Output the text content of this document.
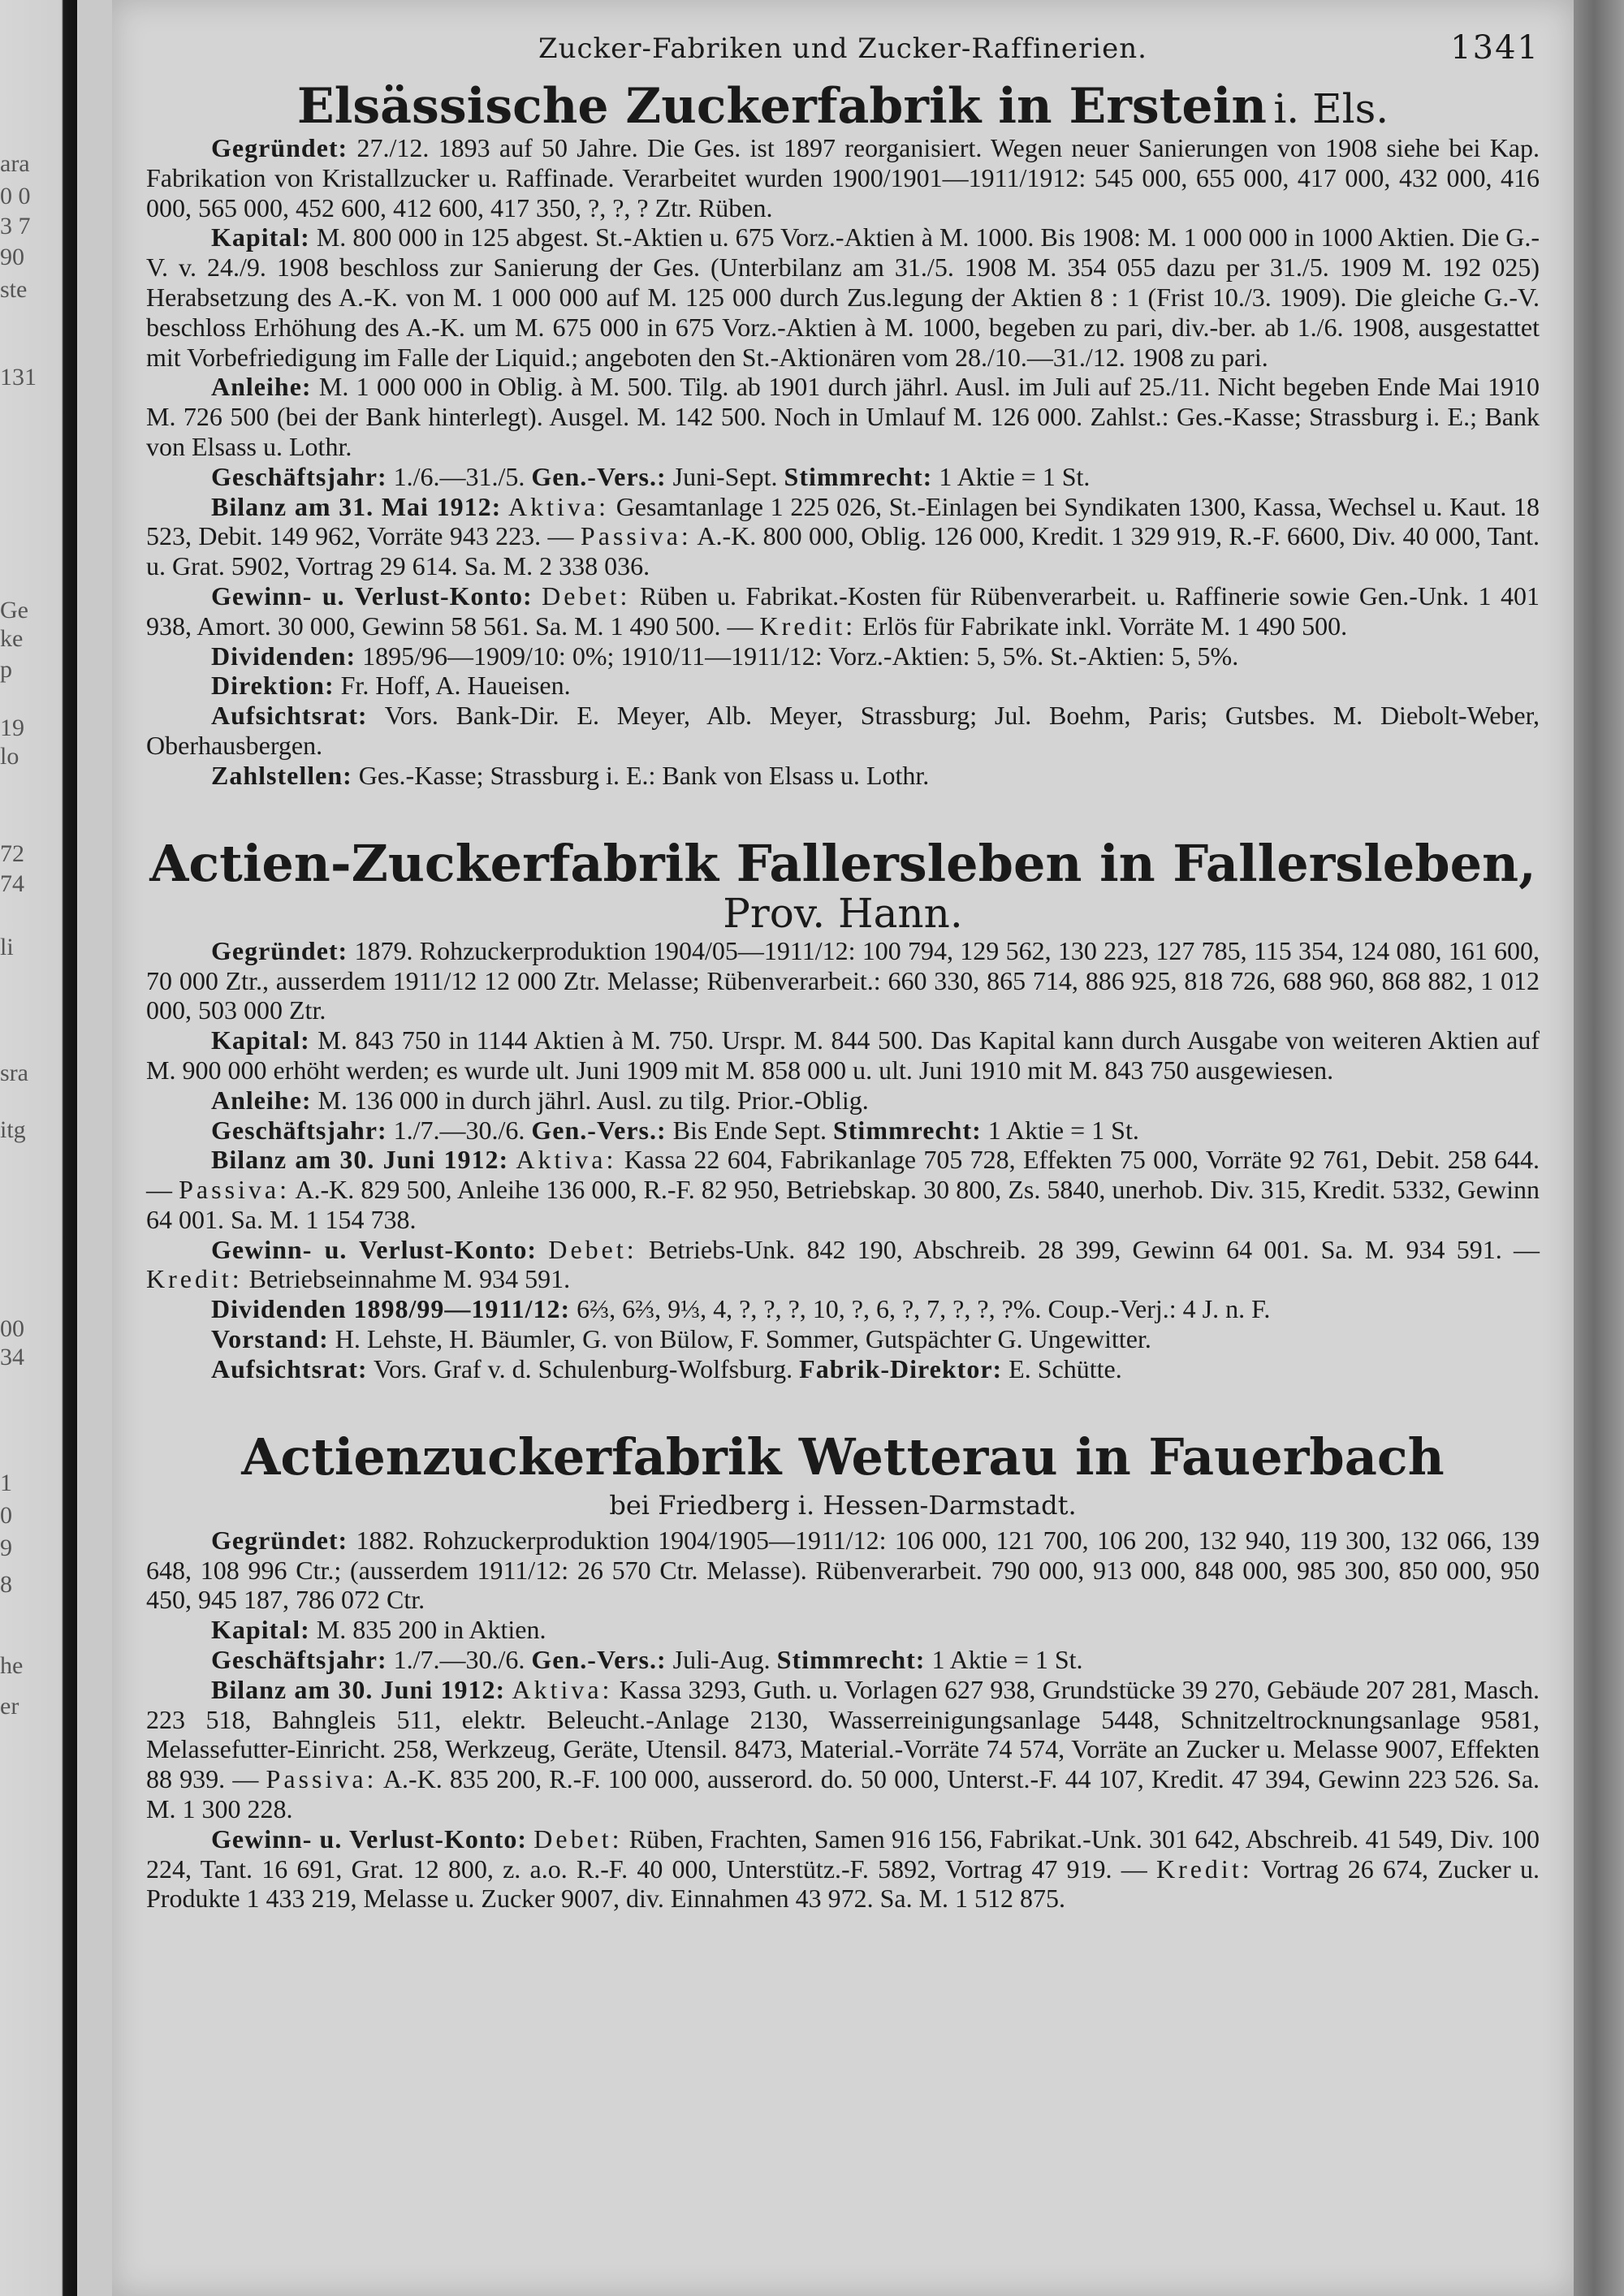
ara
0 0
3 7
90
ste
131
Ge
ke
p
19
lo
72
74
li
sra
itg
00
34
1
0
9
8
he
er
Zucker-Fabriken und Zucker-Raffinerien.	1341
Elsässische Zuckerfabrik in Erstein i. Els.

Gegründet: 27./12. 1893 auf 50 Jahre. Die Ges. ist 1897 reorganisiert. Wegen neuer Sanierungen von 1908 siehe bei Kap. Fabrikation von Kristallzucker u. Raffinade. Verarbeitet wurden 1900/1901—1911/1912: 545 000, 655 000, 417 000, 432 000, 416 000, 565 000, 452 600, 412 600, 417 350, ?, ?, ? Ztr. Rüben.

Kapital: M. 800 000 in 125 abgest. St.-Aktien u. 675 Vorz.-Aktien à M. 1000. Bis 1908: M. 1 000 000 in 1000 Aktien. Die G.-V. v. 24./9. 1908 beschloss zur Sanierung der Ges. (Unterbilanz am 31./5. 1908 M. 354 055 dazu per 31./5. 1909 M. 192 025) Herabsetzung des A.-K. von M. 1 000 000 auf M. 125 000 durch Zus.legung der Aktien 8 : 1 (Frist 10./3. 1909). Die gleiche G.-V. beschloss Erhöhung des A.-K. um M. 675 000 in 675 Vorz.-Aktien à M. 1000, begeben zu pari, div.-ber. ab 1./6. 1908, ausgestattet mit Vorbefriedigung im Falle der Liquid.; angeboten den St.-Aktionären vom 28./10.—31./12. 1908 zu pari.

Anleihe: M. 1 000 000 in Oblig. à M. 500. Tilg. ab 1901 durch jährl. Ausl. im Juli auf 25./11. Nicht begeben Ende Mai 1910 M. 726 500 (bei der Bank hinterlegt). Ausgel. M. 142 500. Noch in Umlauf M. 126 000. Zahlst.: Ges.-Kasse; Strassburg i. E.; Bank von Elsass u. Lothr.

Geschäftsjahr: 1./6.—31./5. Gen.-Vers.: Juni-Sept. Stimmrecht: 1 Aktie = 1 St.

Bilanz am 31. Mai 1912: Aktiva: Gesamtanlage 1 225 026, St.-Einlagen bei Syndikaten 1300, Kassa, Wechsel u. Kaut. 18 523, Debit. 149 962, Vorräte 943 223. — Passiva: A.-K. 800 000, Oblig. 126 000, Kredit. 1 329 919, R.-F. 6600, Div. 40 000, Tant. u. Grat. 5902, Vortrag 29 614. Sa. M. 2 338 036.

Gewinn- u. Verlust-Konto: Debet: Rüben u. Fabrikat.-Kosten für Rübenverarbeit. u. Raffinerie sowie Gen.-Unk. 1 401 938, Amort. 30 000, Gewinn 58 561. Sa. M. 1 490 500. — Kredit: Erlös für Fabrikate inkl. Vorräte M. 1 490 500.

Dividenden: 1895/96—1909/10: 0%; 1910/11—1911/12: Vorz.-Aktien: 5, 5%. St.-Aktien: 5, 5%.

Direktion: Fr. Hoff, A. Haueisen.

Aufsichtsrat: Vors. Bank-Dir. E. Meyer, Alb. Meyer, Strassburg; Jul. Boehm, Paris; Gutsbes. M. Diebolt-Weber, Oberhausbergen.

Zahlstellen: Ges.-Kasse; Strassburg i. E.: Bank von Elsass u. Lothr.

Actien-Zuckerfabrik Fallersleben in Fallersleben, Prov. Hann.

Gegründet: 1879. Rohzuckerproduktion 1904/05—1911/12: 100 794, 129 562, 130 223, 127 785, 115 354, 124 080, 161 600, 70 000 Ztr., ausserdem 1911/12 12 000 Ztr. Melasse; Rübenverarbeit.: 660 330, 865 714, 886 925, 818 726, 688 960, 868 882, 1 012 000, 503 000 Ztr.

Kapital: M. 843 750 in 1144 Aktien à M. 750. Urspr. M. 844 500. Das Kapital kann durch Ausgabe von weiteren Aktien auf M. 900 000 erhöht werden; es wurde ult. Juni 1909 mit M. 858 000 u. ult. Juni 1910 mit M. 843 750 ausgewiesen.

Anleihe: M. 136 000 in durch jährl. Ausl. zu tilg. Prior.-Oblig.

Geschäftsjahr: 1./7.—30./6. Gen.-Vers.: Bis Ende Sept. Stimmrecht: 1 Aktie = 1 St.

Bilanz am 30. Juni 1912: Aktiva: Kassa 22 604, Fabrikanlage 705 728, Effekten 75 000, Vorräte 92 761, Debit. 258 644. — Passiva: A.-K. 829 500, Anleihe 136 000, R.-F. 82 950, Betriebskap. 30 800, Zs. 5840, unerhob. Div. 315, Kredit. 5332, Gewinn 64 001. Sa. M. 1 154 738.

Gewinn- u. Verlust-Konto: Debet: Betriebs-Unk. 842 190, Abschreib. 28 399, Gewinn 64 001. Sa. M. 934 591. — Kredit: Betriebseinnahme M. 934 591.

Dividenden 1898/99—1911/12: 6⅔, 6⅔, 9⅓, 4, ?, ?, ?, 10, ?, 6, ?, 7, ?, ?, ?%. Coup.-Verj.: 4 J. n. F.

Vorstand: H. Lehste, H. Bäumler, G. von Bülow, F. Sommer, Gutspächter G. Ungewitter.

Aufsichtsrat: Vors. Graf v. d. Schulenburg-Wolfsburg. Fabrik-Direktor: E. Schütte.

Actienzuckerfabrik Wetterau in Fauerbach
bei Friedberg i. Hessen-Darmstadt.

Gegründet: 1882. Rohzuckerproduktion 1904/1905—1911/12: 106 000, 121 700, 106 200, 132 940, 119 300, 132 066, 139 648, 108 996 Ctr.; (ausserdem 1911/12: 26 570 Ctr. Melasse). Rübenverarbeit. 790 000, 913 000, 848 000, 985 300, 850 000, 950 450, 945 187, 786 072 Ctr.

Kapital: M. 835 200 in Aktien.

Geschäftsjahr: 1./7.—30./6. Gen.-Vers.: Juli-Aug. Stimmrecht: 1 Aktie = 1 St.

Bilanz am 30. Juni 1912: Aktiva: Kassa 3293, Guth. u. Vorlagen 627 938, Grundstücke 39 270, Gebäude 207 281, Masch. 223 518, Bahngleis 511, elektr. Beleucht.-Anlage 2130, Wasserreinigungsanlage 5448, Schnitzeltrocknungsanlage 9581, Melassefutter-Einricht. 258, Werkzeug, Geräte, Utensil. 8473, Material.-Vorräte 74 574, Vorräte an Zucker u. Melasse 9007, Effekten 88 939. — Passiva: A.-K. 835 200, R.-F. 100 000, ausserord. do. 50 000, Unterst.-F. 44 107, Kredit. 47 394, Gewinn 223 526. Sa. M. 1 300 228.

Gewinn- u. Verlust-Konto: Debet: Rüben, Frachten, Samen 916 156, Fabrikat.-Unk. 301 642, Abschreib. 41 549, Div. 100 224, Tant. 16 691, Grat. 12 800, z. a.o. R.-F. 40 000, Unterstütz.-F. 5892, Vortrag 47 919. — Kredit: Vortrag 26 674, Zucker u. Produkte 1 433 219, Melasse u. Zucker 9007, div. Einnahmen 43 972. Sa. M. 1 512 875.
